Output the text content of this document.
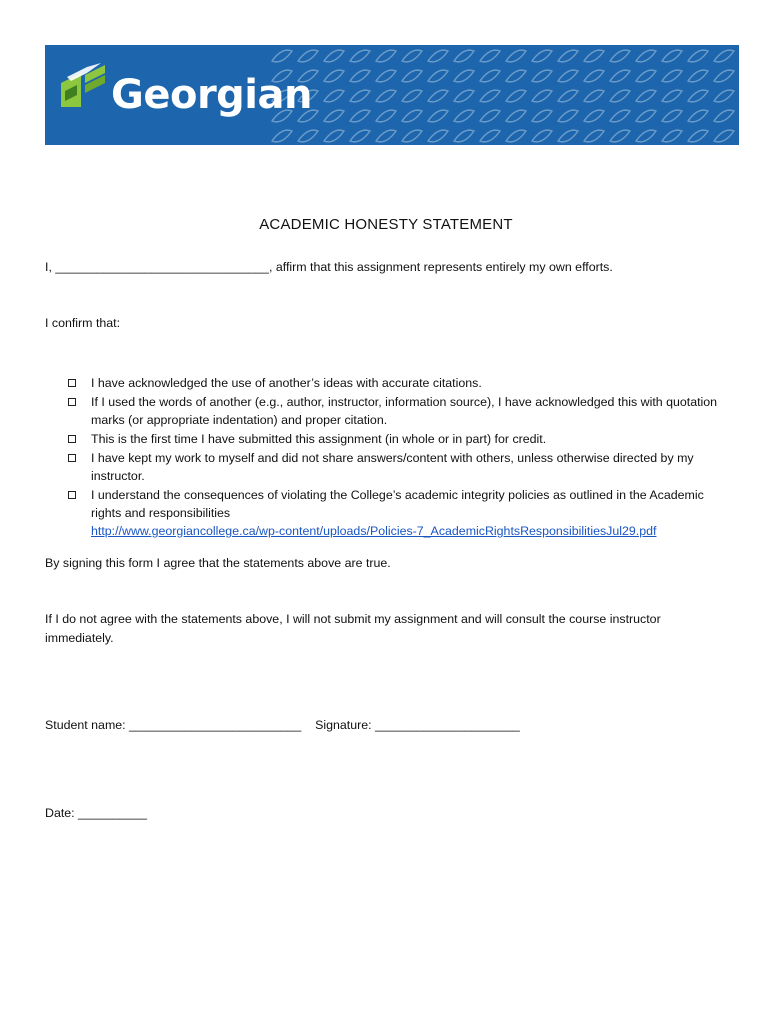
Georgian
ACADEMIC HONESTY STATEMENT
I, _______________________________, affirm that this assignment represents entirely my own efforts.
I confirm that:
I have acknowledged the use of another’s ideas with accurate citations.
If I used the words of another (e.g., author, instructor, information source), I have acknowledged this with quotation marks (or appropriate indentation) and proper citation.
This is the first time I have submitted this assignment (in whole or in part) for credit.
I have kept my work to myself and did not share answers/content with others, unless otherwise directed by my instructor.
I understand the consequences of violating the College’s academic integrity policies as outlined in the Academic rights and responsibilities
http://www.georgiancollege.ca/wp-content/uploads/Policies-7_AcademicRightsResponsibilitiesJul29.pdf
By signing this form I agree that the statements above are true.
If I do not agree with the statements above, I will not submit my assignment and will consult the course instructor immediately.
Student name: _________________________    Signature: _____________________
Date: __________
